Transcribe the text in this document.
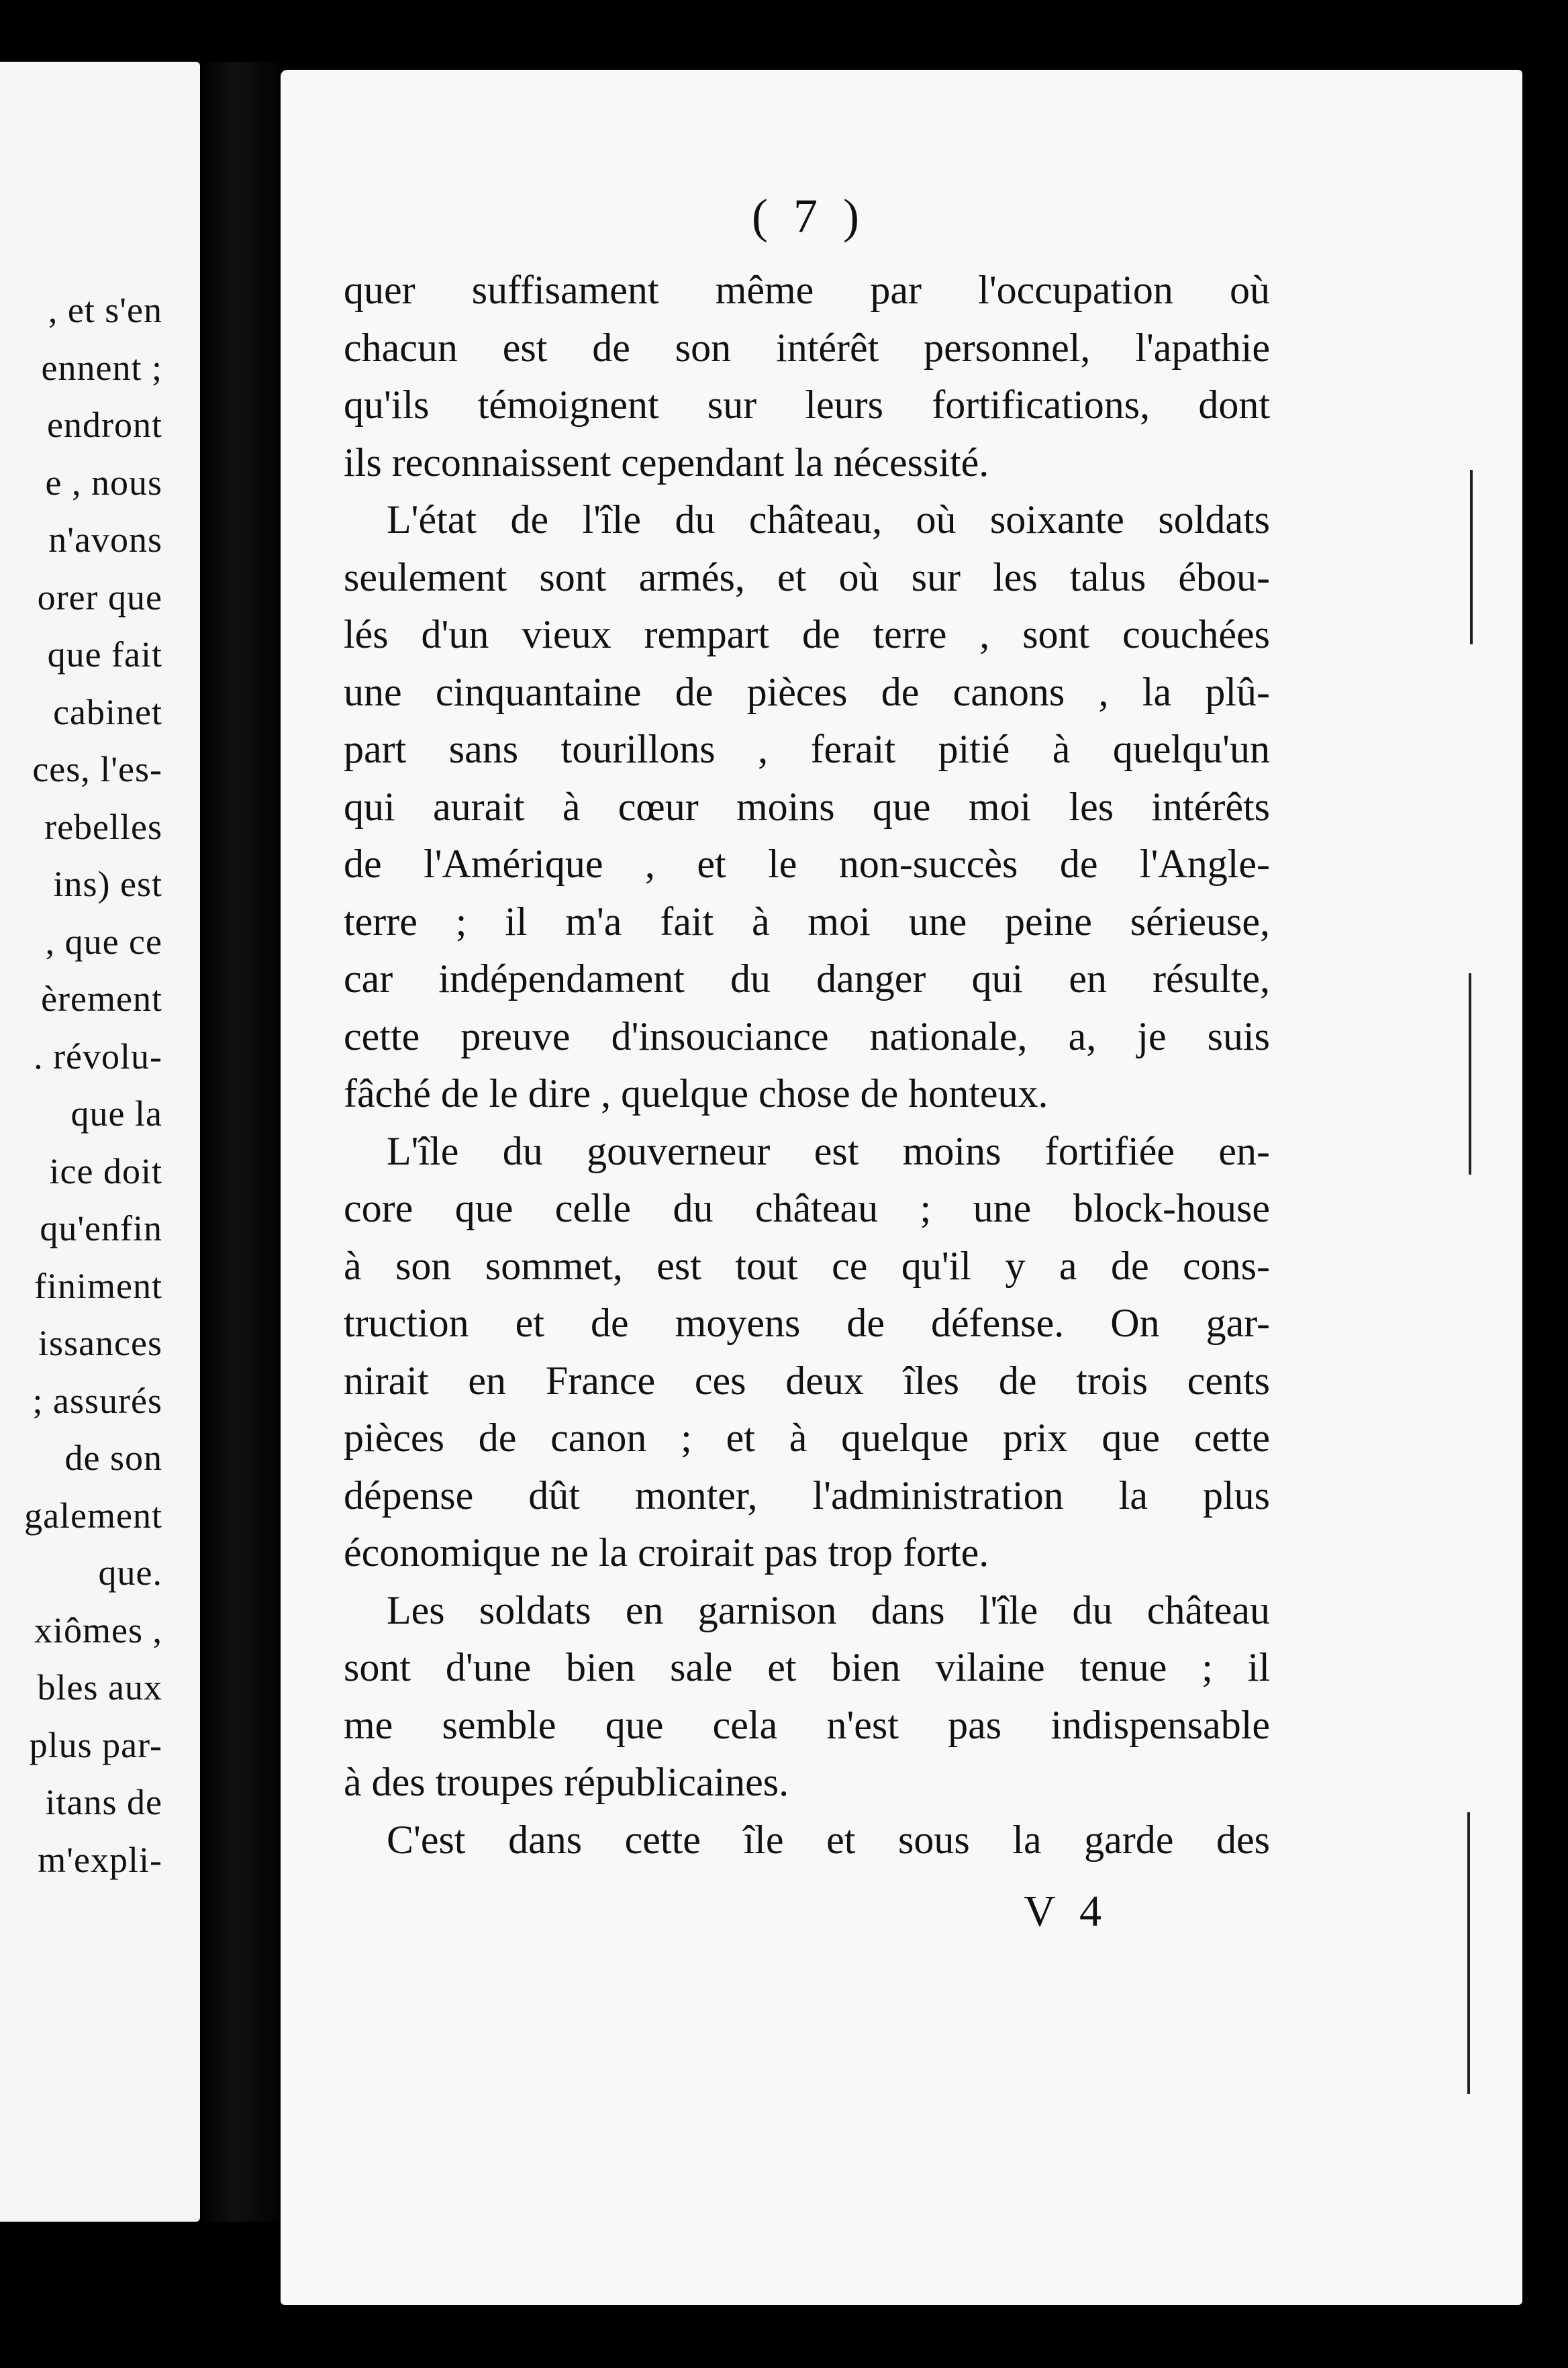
, et s'en
ennent ;
endront
e , nous
n'avons
orer que
que fait
cabinet
ces, l'es-
rebelles
ins) est
, que ce
èrement
. révolu-
que la
ice doit
qu'enfin
finiment
issances
; assurés
de son
galement
que.
xiômes ,
bles aux
plus par-
itans de
m'expli-
( 7 )
quer suffisament même par l'occupation où
chacun est de son intérêt personnel, l'apathie
qu'ils témoignent sur leurs fortifications, dont
ils reconnaissent cependant la nécessité.
L'état de l'île du château, où soixante soldats
seulement sont armés, et où sur les talus ébou-
lés d'un vieux rempart de terre , sont couchées
une cinquantaine de pièces de canons , la plû-
part sans tourillons , ferait pitié à quelqu'un
qui aurait à cœur moins que moi les intérêts
de l'Amérique , et le non-succès de l'Angle-
terre ; il m'a fait à moi une peine sérieuse,
car indépendament du danger qui en résulte,
cette preuve d'insouciance nationale, a, je suis
fâché de le dire , quelque chose de honteux.
L'île du gouverneur est moins fortifiée en-
core que celle du château ; une block-house
à son sommet, est tout ce qu'il y a de cons-
truction et de moyens de défense. On gar-
nirait en France ces deux îles de trois cents
pièces de canon ; et à quelque prix que cette
dépense dût monter, l'administration la plus
économique ne la croirait pas trop forte.
Les soldats en garnison dans l'île du château
sont d'une bien sale et bien vilaine tenue ; il
me semble que cela n'est pas indispensable
à des troupes républicaines.
C'est dans cette île et sous la garde des
V 4
